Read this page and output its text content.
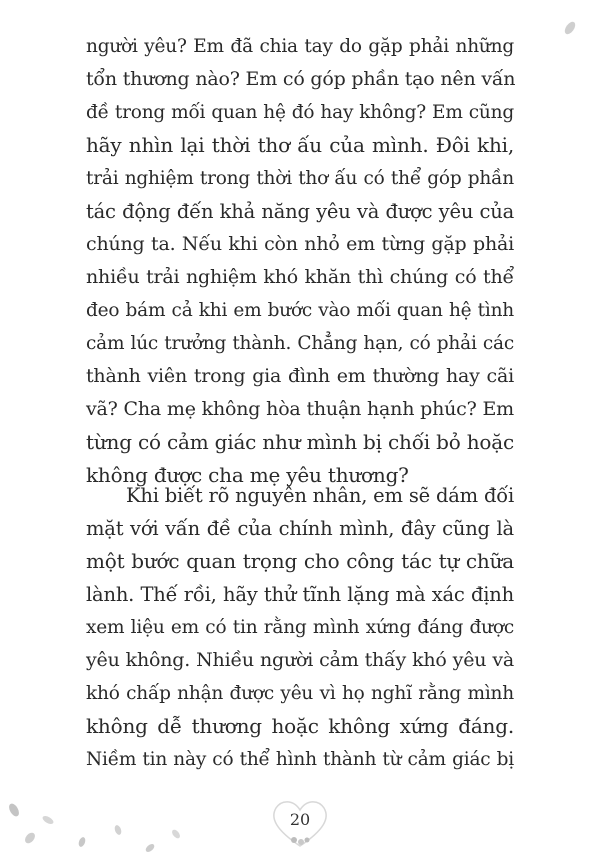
người yêu? Em đã chia tay do gặp phải những
tổn thương nào? Em có góp phần tạo nên vấn
đề trong mối quan hệ đó hay không? Em cũng
hãy nhìn lại thời thơ ấu của mình. Đôi khi,
trải nghiệm trong thời thơ ấu có thể góp phần
tác động đến khả năng yêu và được yêu của
chúng ta. Nếu khi còn nhỏ em từng gặp phải
nhiều trải nghiệm khó khăn thì chúng có thể
đeo bám cả khi em bước vào mối quan hệ tình
cảm lúc trưởng thành. Chẳng hạn, có phải các
thành viên trong gia đình em thường hay cãi
vã? Cha mẹ không hòa thuận hạnh phúc? Em
từng có cảm giác như mình bị chối bỏ hoặc
không được cha mẹ yêu thương?
Khi biết rõ nguyên nhân, em sẽ dám đối
mặt với vấn đề của chính mình, đây cũng là
một bước quan trọng cho công tác tự chữa
lành. Thế rồi, hãy thử tĩnh lặng mà xác định
xem liệu em có tin rằng mình xứng đáng được
yêu không. Nhiều người cảm thấy khó yêu và
khó chấp nhận được yêu vì họ nghĩ rằng mình
không dễ thương hoặc không xứng đáng.
Niềm tin này có thể hình thành từ cảm giác bị
20
